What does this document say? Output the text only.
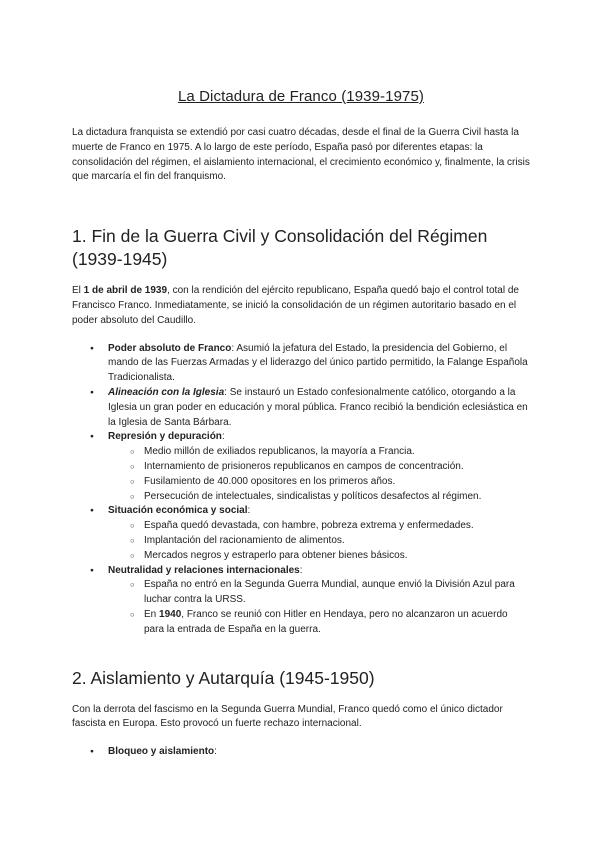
La Dictadura de Franco (1939-1975)

La dictadura franquista se extendió por casi cuatro décadas, desde el final de la Guerra Civil hasta la muerte de Franco en 1975. A lo largo de este período, España pasó por diferentes etapas: la consolidación del régimen, el aislamiento internacional, el crecimiento económico y, finalmente, la crisis que marcaría el fin del franquismo.

1. Fin de la Guerra Civil y Consolidación del Régimen (1939-1945)

El 1 de abril de 1939, con la rendición del ejército republicano, España quedó bajo el control total de Francisco Franco. Inmediatamente, se inició la consolidación de un régimen autoritario basado en el poder absoluto del Caudillo.

● Poder absoluto de Franco: Asumió la jefatura del Estado, la presidencia del Gobierno, el mando de las Fuerzas Armadas y el liderazgo del único partido permitido, la Falange Española Tradicionalista.
● Alineación con la Iglesia: Se instauró un Estado confesionalmente católico, otorgando a la Iglesia un gran poder en educación y moral pública. Franco recibió la bendición eclesiástica en la Iglesia de Santa Bárbara.
● Represión y depuración:
○ Medio millón de exiliados republicanos, la mayoría a Francia.
○ Internamiento de prisioneros republicanos en campos de concentración.
○ Fusilamiento de 40.000 opositores en los primeros años.
○ Persecución de intelectuales, sindicalistas y políticos desafectos al régimen.
● Situación económica y social:
○ España quedó devastada, con hambre, pobreza extrema y enfermedades.
○ Implantación del racionamiento de alimentos.
○ Mercados negros y estraperlo para obtener bienes básicos.
● Neutralidad y relaciones internacionales:
○ España no entró en la Segunda Guerra Mundial, aunque envió la División Azul para luchar contra la URSS.
○ En 1940, Franco se reunió con Hitler en Hendaya, pero no alcanzaron un acuerdo para la entrada de España en la guerra.
2. Aislamiento y Autarquía (1945-1950)

Con la derrota del fascismo en la Segunda Guerra Mundial, Franco quedó como el único dictador fascista en Europa. Esto provocó un fuerte rechazo internacional.

● Bloqueo y aislamiento:
